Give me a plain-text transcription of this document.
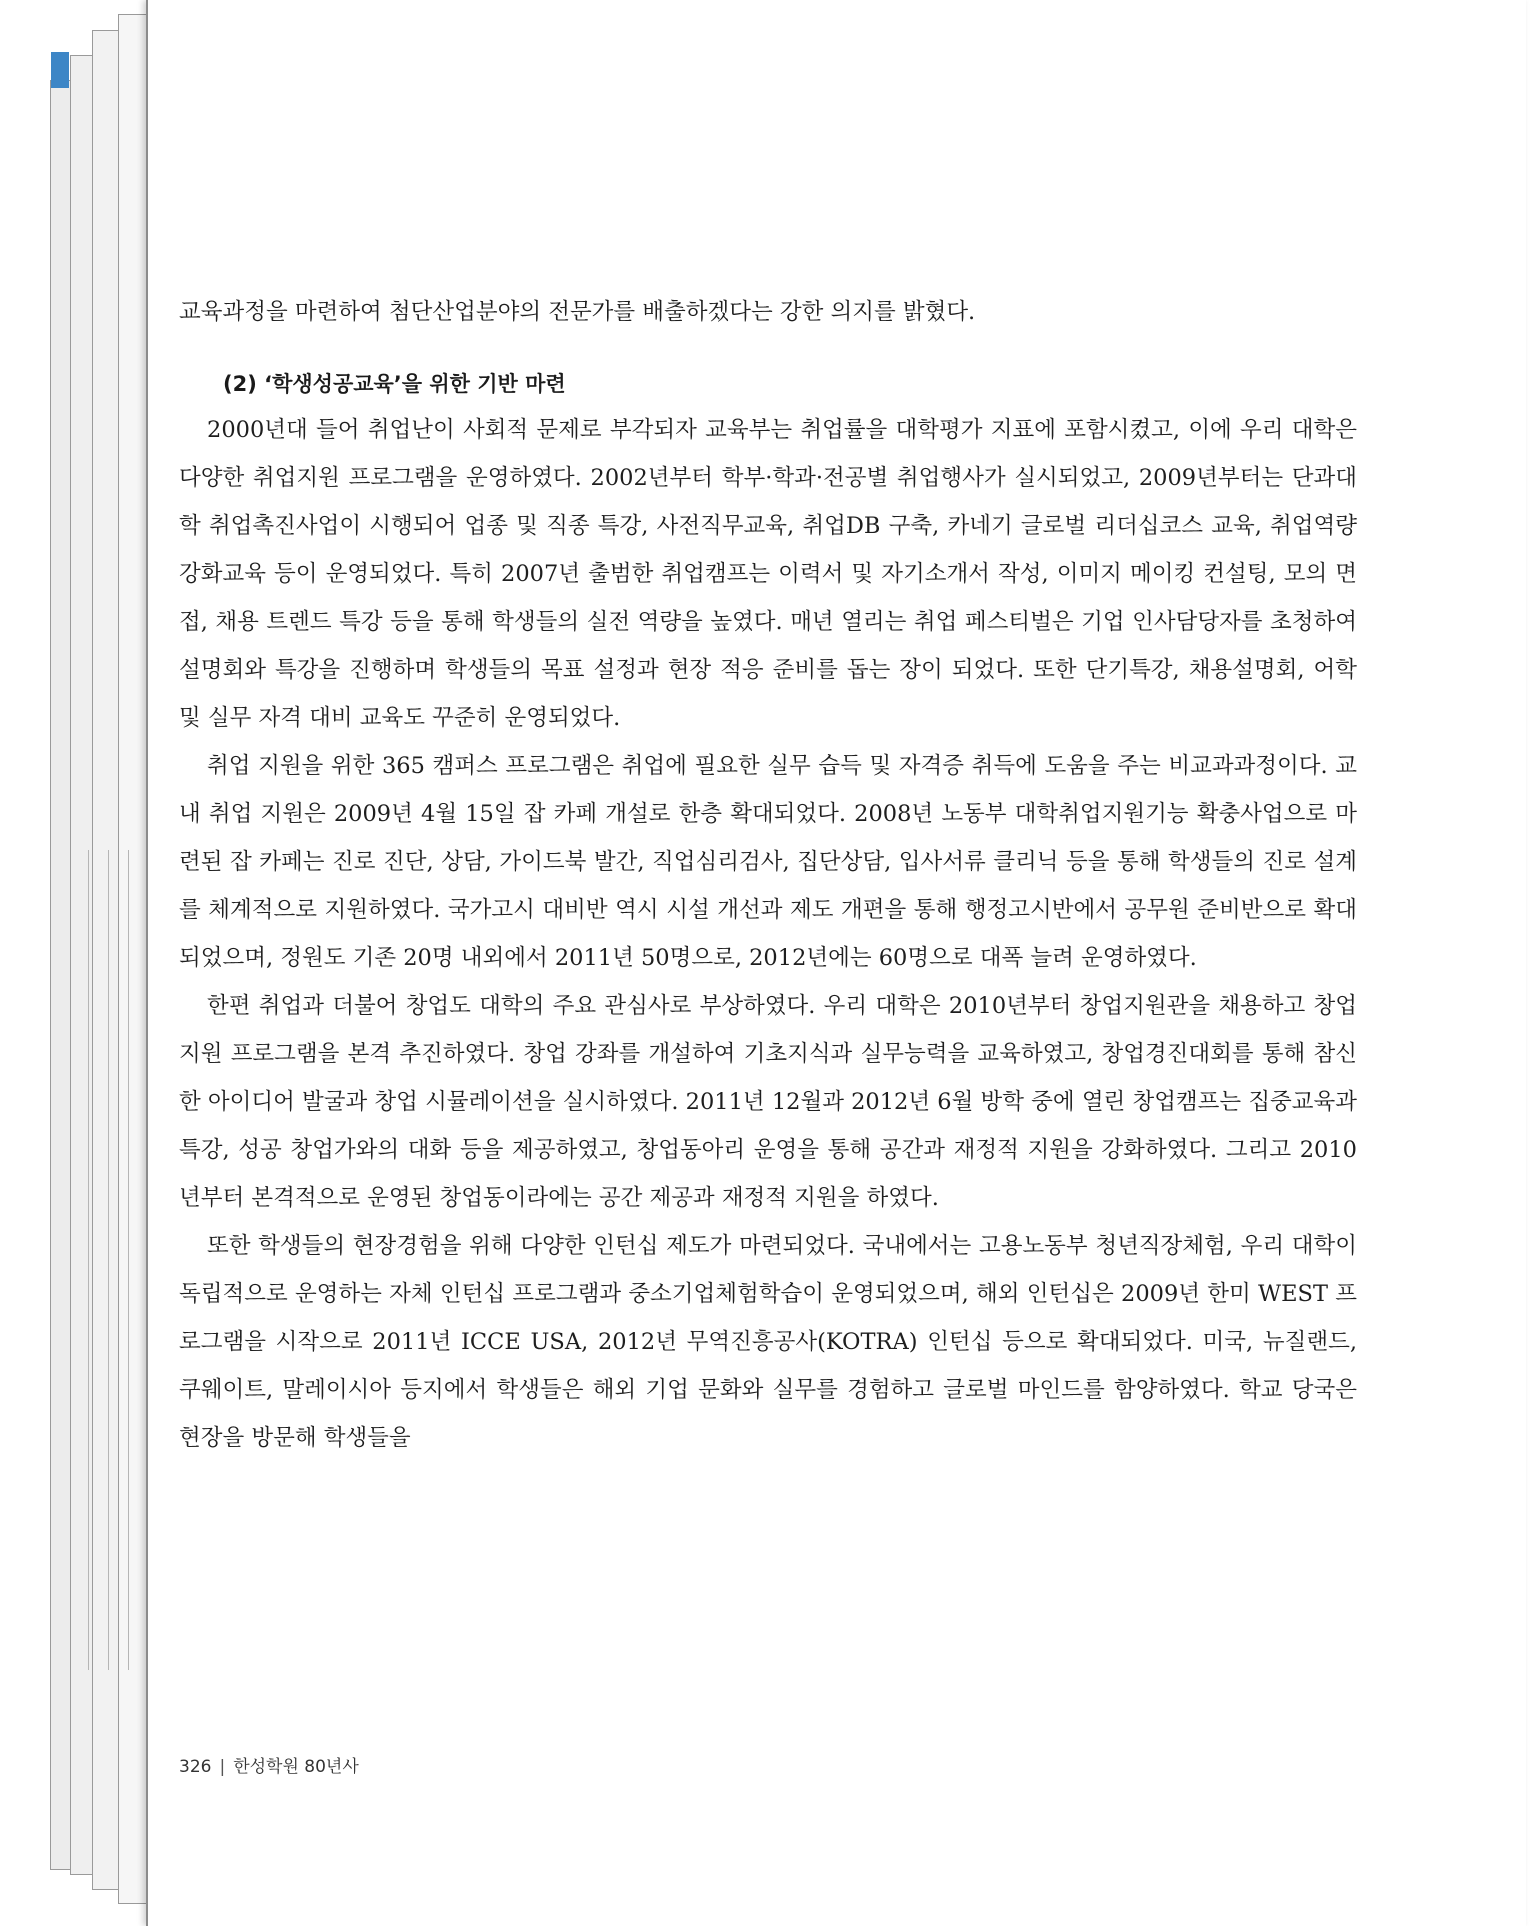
교육과정을 마련하여 첨단산업분야의 전문가를 배출하겠다는 강한 의지를 밝혔다.

(2) ‘학생성공교육’을 위한 기반 마련

2000년대 들어 취업난이 사회적 문제로 부각되자 교육부는 취업률을 대학평가 지표에 포함시켰고, 이에 우리 대학은 다양한 취업지원 프로그램을 운영하였다. 2002년부터 학부·학과·전공별 취업행사가 실시되었고, 2009년부터는 단과대학 취업촉진사업이 시행되어 업종 및 직종 특강, 사전직무교육, 취업DB 구축, 카네기 글로벌 리더십코스 교육, 취업역량 강화교육 등이 운영되었다. 특히 2007년 출범한 취업캠프는 이력서 및 자기소개서 작성, 이미지 메이킹 컨설팅, 모의 면접, 채용 트렌드 특강 등을 통해 학생들의 실전 역량을 높였다. 매년 열리는 취업 페스티벌은 기업 인사담당자를 초청하여 설명회와 특강을 진행하며 학생들의 목표 설정과 현장 적응 준비를 돕는 장이 되었다. 또한 단기특강, 채용설명회, 어학 및 실무 자격 대비 교육도 꾸준히 운영되었다.

취업 지원을 위한 365 캠퍼스 프로그램은 취업에 필요한 실무 습득 및 자격증 취득에 도움을 주는 비교과과정이다. 교내 취업 지원은 2009년 4월 15일 잡 카페 개설로 한층 확대되었다. 2008년 노동부 대학취업지원기능 확충사업으로 마련된 잡 카페는 진로 진단, 상담, 가이드북 발간, 직업심리검사, 집단상담, 입사서류 클리닉 등을 통해 학생들의 진로 설계를 체계적으로 지원하였다. 국가고시 대비반 역시 시설 개선과 제도 개편을 통해 행정고시반에서 공무원 준비반으로 확대되었으며, 정원도 기존 20명 내외에서 2011년 50명으로, 2012년에는 60명으로 대폭 늘려 운영하였다.

한편 취업과 더불어 창업도 대학의 주요 관심사로 부상하였다. 우리 대학은 2010년부터 창업지원관을 채용하고 창업지원 프로그램을 본격 추진하였다. 창업 강좌를 개설하여 기초지식과 실무능력을 교육하였고, 창업경진대회를 통해 참신한 아이디어 발굴과 창업 시뮬레이션을 실시하였다. 2011년 12월과 2012년 6월 방학 중에 열린 창업캠프는 집중교육과 특강, 성공 창업가와의 대화 등을 제공하였고, 창업동아리 운영을 통해 공간과 재정적 지원을 강화하였다. 그리고 2010년부터 본격적으로 운영된 창업동이라에는 공간 제공과 재정적 지원을 하였다.

또한 학생들의 현장경험을 위해 다양한 인턴십 제도가 마련되었다. 국내에서는 고용노동부 청년직장체험, 우리 대학이 독립적으로 운영하는 자체 인턴십 프로그램과 중소기업체험학습이 운영되었으며, 해외 인턴십은 2009년 한미 WEST 프로그램을 시작으로 2011년 ICCE USA, 2012년 무역진흥공사(KOTRA) 인턴십 등으로 확대되었다. 미국, 뉴질랜드, 쿠웨이트, 말레이시아 등지에서 학생들은 해외 기업 문화와 실무를 경험하고 글로벌 마인드를 함양하였다. 학교 당국은 현장을 방문해 학생들을

326 | 한성학원 80년사
